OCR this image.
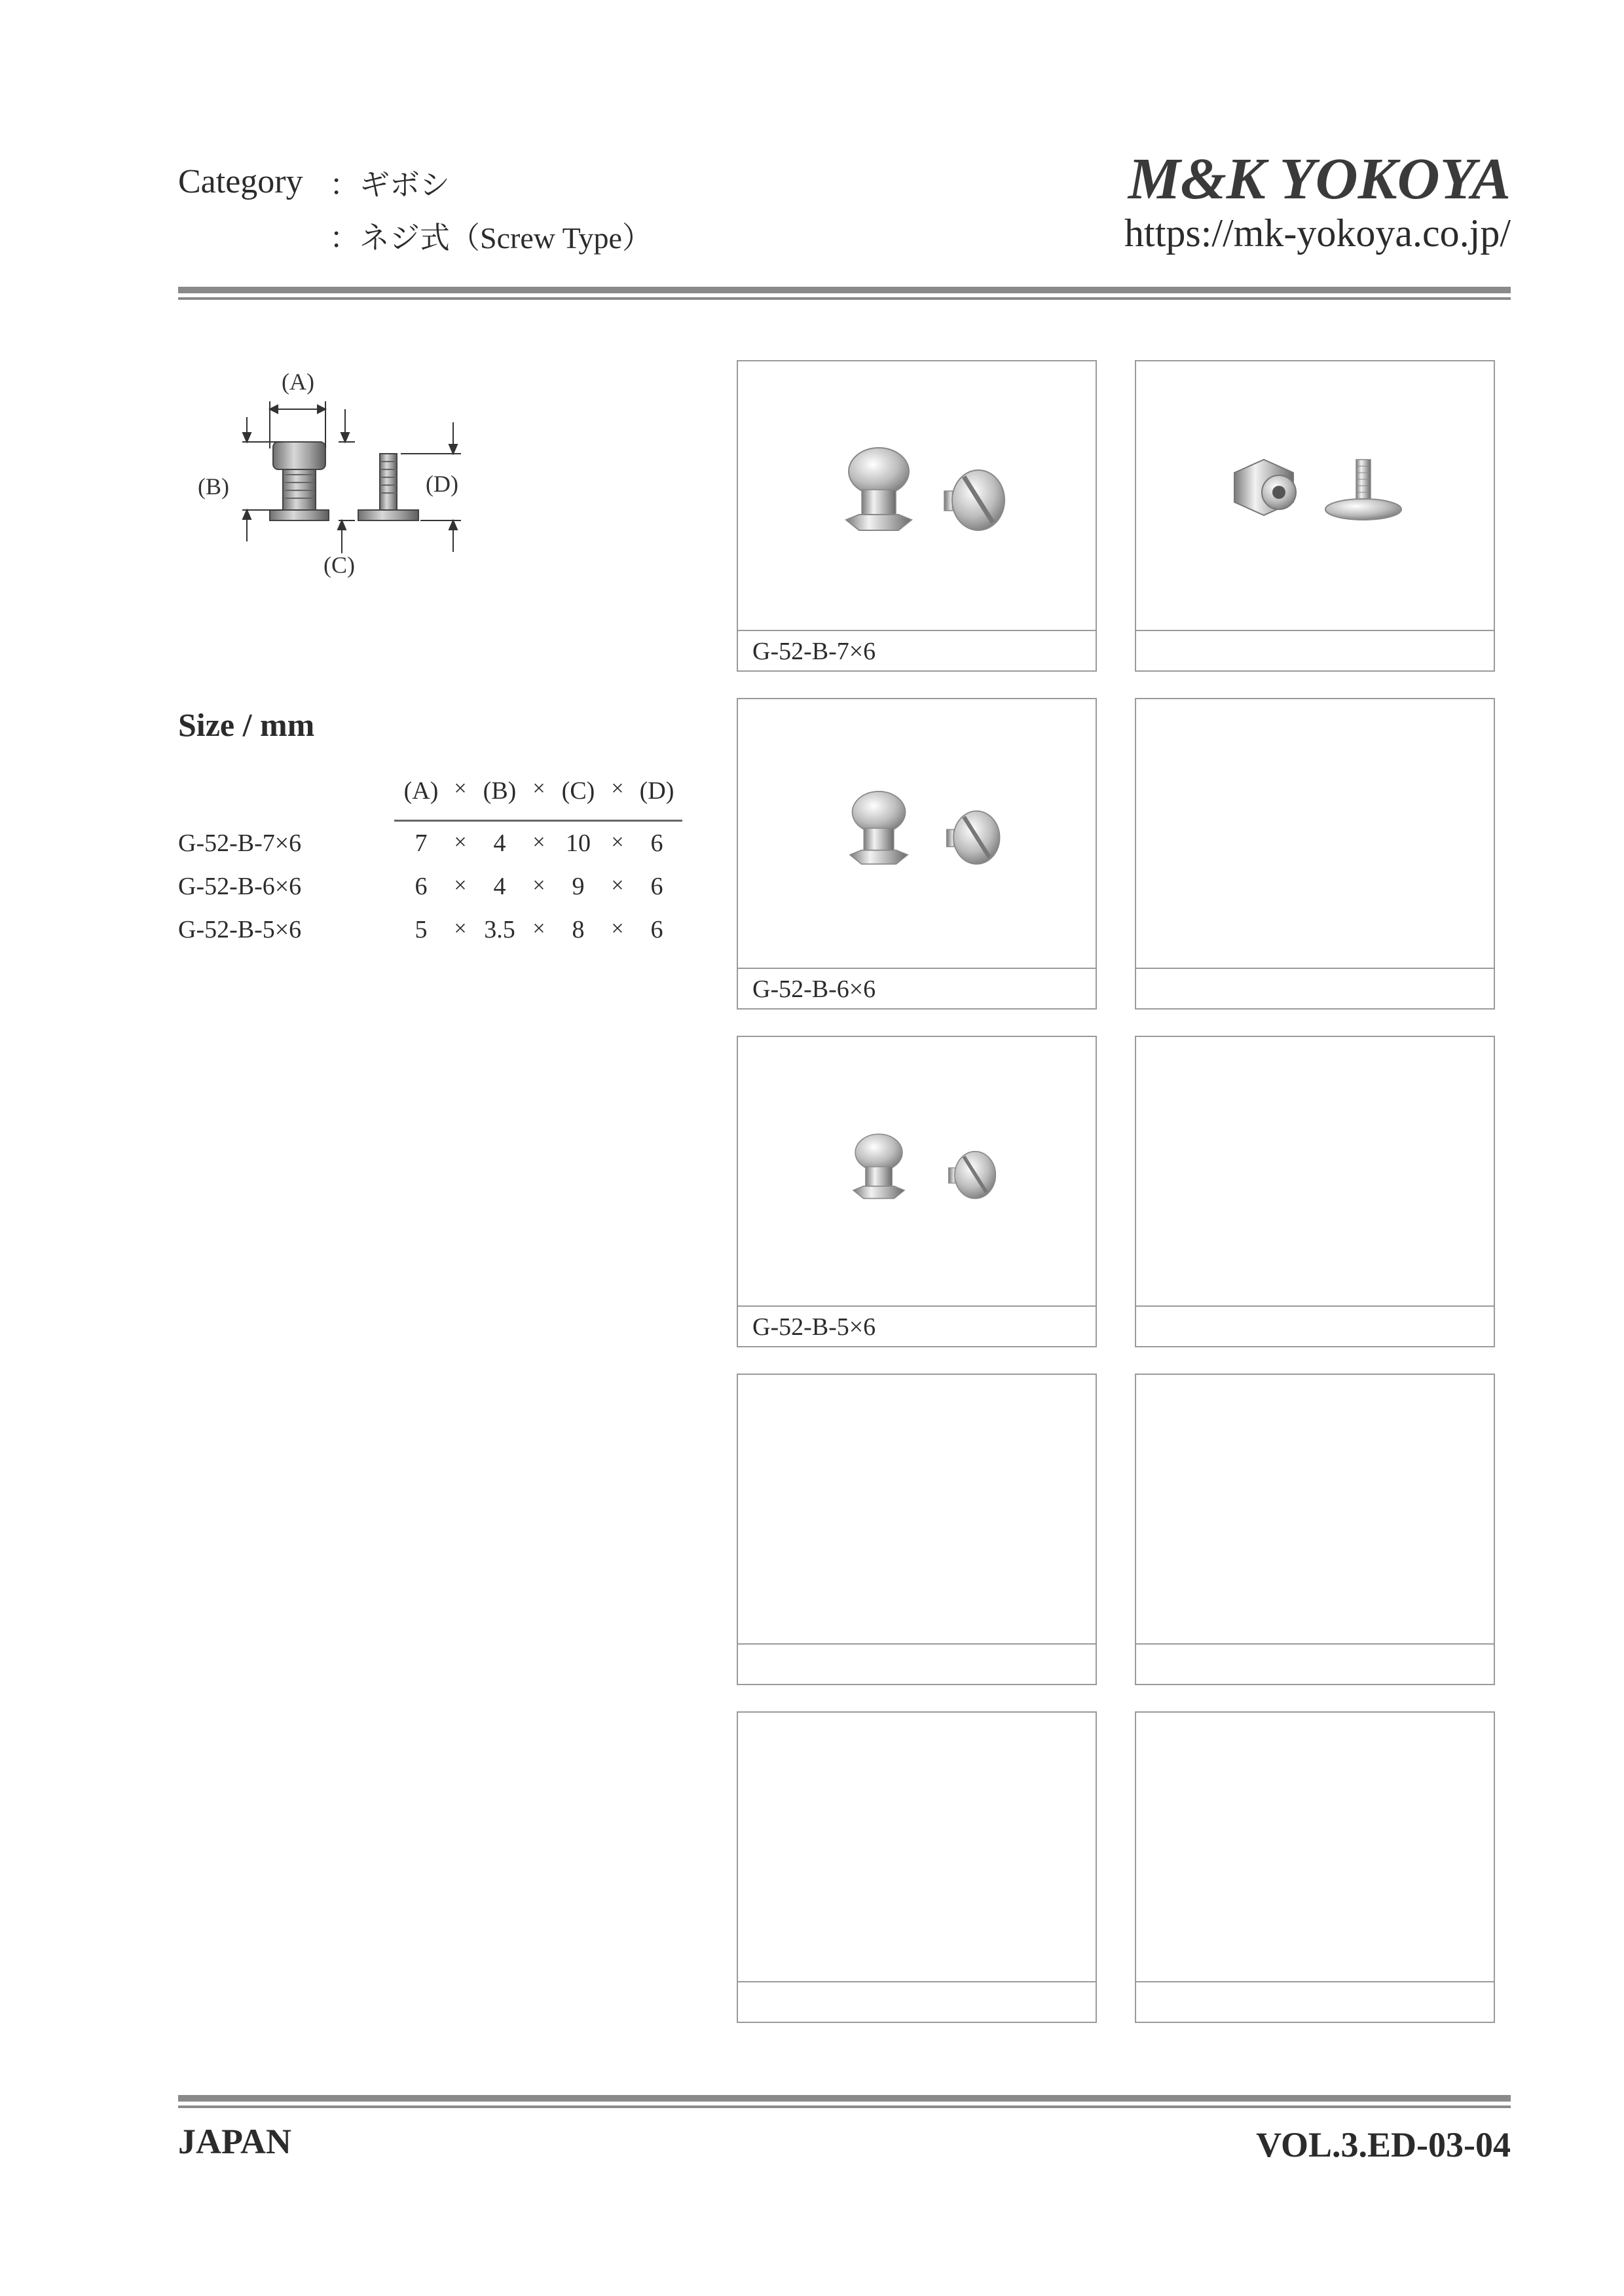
Category ：ギボシ
：ネジ式（Screw Type）
M&K YOKOYA
https://mk-yokoya.co.jp/
(A)
(B)
(C)
(D)
Size / mm
(A) × (B) × (C) × (D)
G-52-B-7×6	7	×	4	× 10 ×	6
G-52-B-6×6	6	×	4	×	9	×	6
G-52-B-5×6	5	× 3.5 ×	8	×	6
G-52-B-7×6
G-52-B-6×6
G-52-B-5×6
JAPAN	VOL.3.ED-03-04
